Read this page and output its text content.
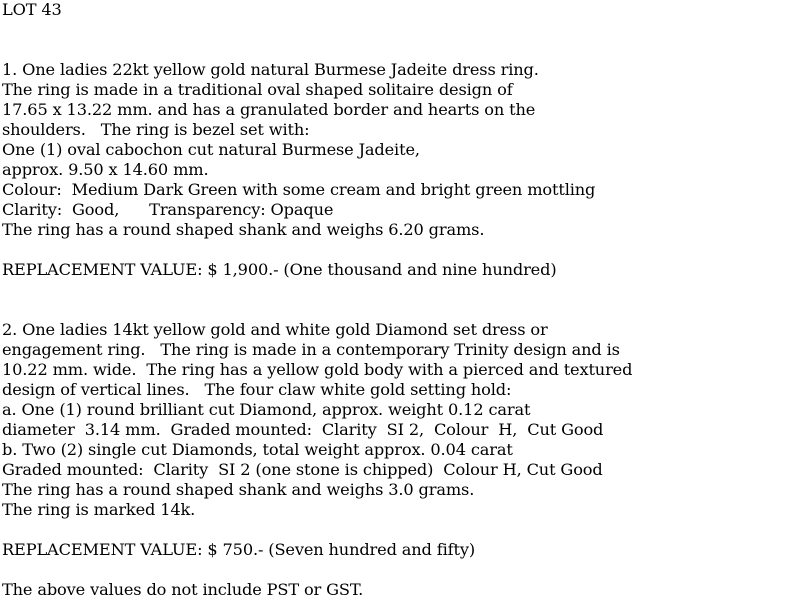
LOT 43
1. One ladies 22kt yellow gold natural Burmese Jadeite dress ring.
The ring is made in a traditional oval shaped solitaire design of
17.65 x 13.22 mm. and has a granulated border and hearts on the
shoulders.   The ring is bezel set with:
One (1) oval cabochon cut natural Burmese Jadeite,
approx. 9.50 x 14.60 mm.
Colour:  Medium Dark Green with some cream and bright green mottling
Clarity:  Good,      Transparency: Opaque
The ring has a round shaped shank and weighs 6.20 grams.
REPLACEMENT VALUE: $ 1,900.- (One thousand and nine hundred)
2. One ladies 14kt yellow gold and white gold Diamond set dress or
engagement ring.   The ring is made in a contemporary Trinity design and is
10.22 mm. wide.  The ring has a yellow gold body with a pierced and textured
design of vertical lines.   The four claw white gold setting hold:
a. One (1) round brilliant cut Diamond, approx. weight 0.12 carat
diameter  3.14 mm.  Graded mounted:  Clarity  SI 2,  Colour  H,  Cut Good
b. Two (2) single cut Diamonds, total weight approx. 0.04 carat
Graded mounted:  Clarity  SI 2 (one stone is chipped)  Colour H, Cut Good
The ring has a round shaped shank and weighs 3.0 grams.
The ring is marked 14k.
REPLACEMENT VALUE: $ 750.- (Seven hundred and fifty)
The above values do not include PST or GST.
